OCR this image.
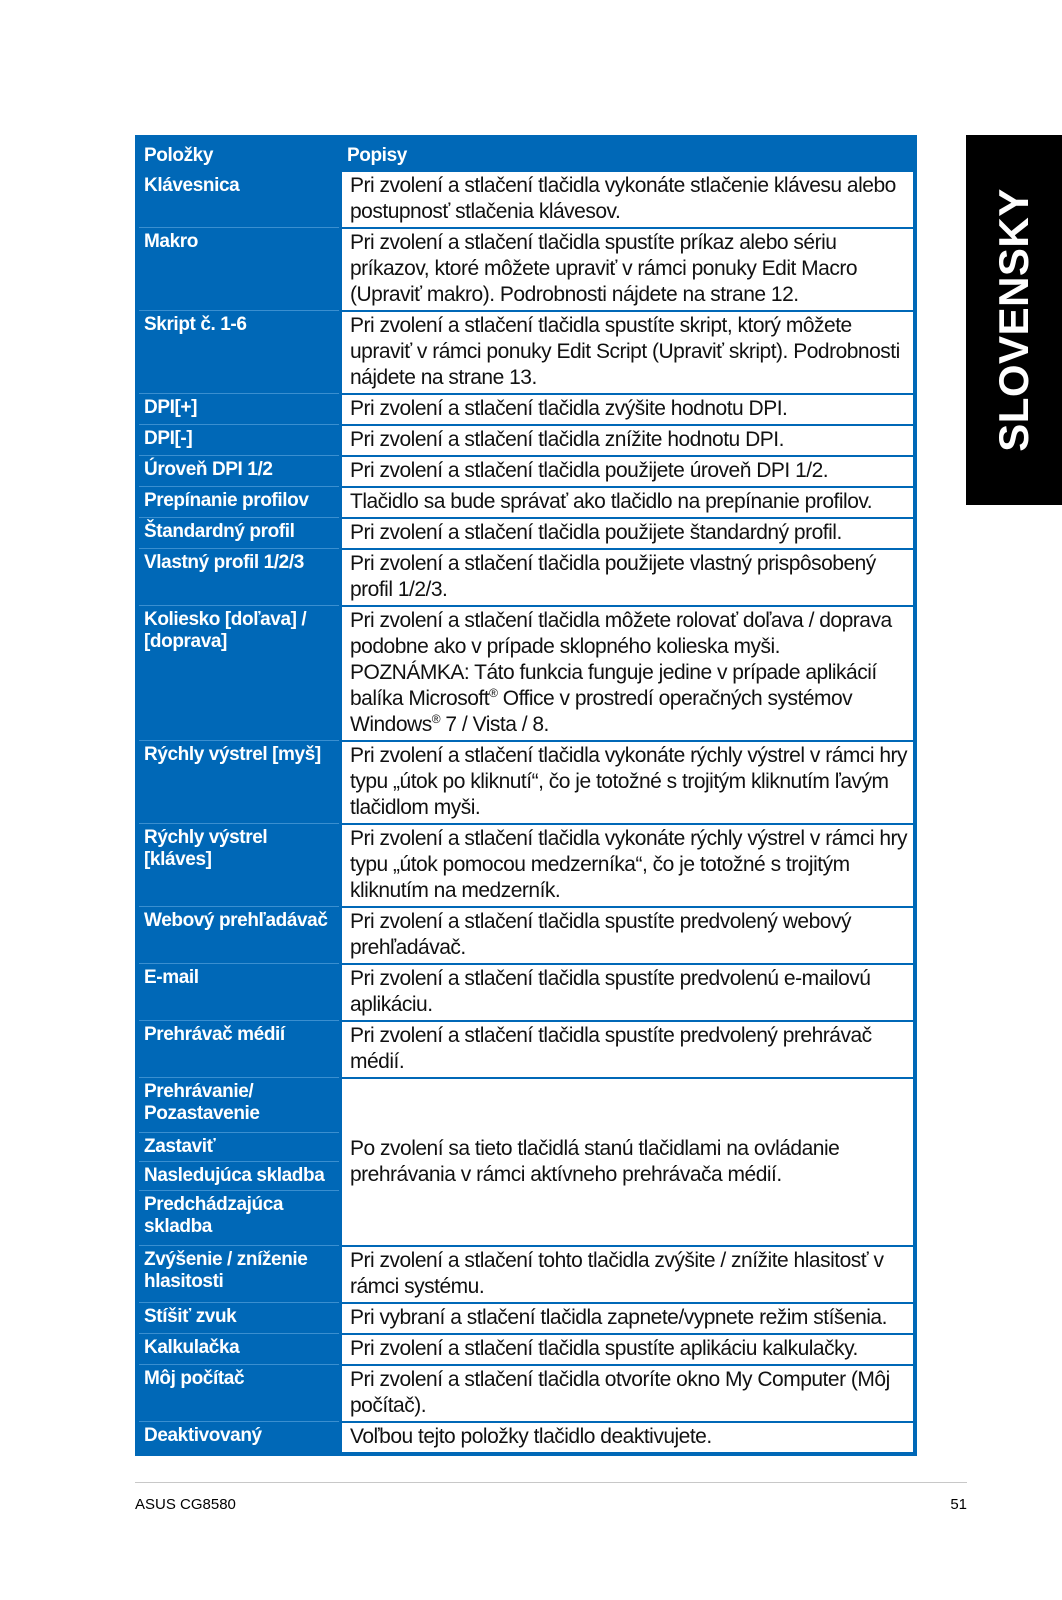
SLOVENSKY
Položky	Popisy
Klávesnica	Pri zvolení a stlačení tlačidla vykonáte stlačenie klávesu alebo postupnosť stlačenia klávesov.
Makro	Pri zvolení a stlačení tlačidla spustíte príkaz alebo sériu príkazov, ktoré môžete upraviť v rámci ponuky Edit Macro (Upraviť makro). Podrobnosti nájdete na strane 12.
Skript č. 1-6	Pri zvolení a stlačení tlačidla spustíte skript, ktorý môžete upraviť v rámci ponuky Edit Script (Upraviť skript). Podrobnosti nájdete na strane 13.
DPI[+]	Pri zvolení a stlačení tlačidla zvýšite hodnotu DPI.
DPI[-]	Pri zvolení a stlačení tlačidla znížite hodnotu DPI.
Úroveň DPI 1/2	Pri zvolení a stlačení tlačidla použijete úroveň DPI 1/2.
Prepínanie profilov	Tlačidlo sa bude správať ako tlačidlo na prepínanie profilov.
Štandardný profil	Pri zvolení a stlačení tlačidla použijete štandardný profil.
Vlastný profil 1/2/3	Pri zvolení a stlačení tlačidla použijete vlastný prispôsobený profil 1/2/3.
Koliesko [doľava] / [doprava]	Pri zvolení a stlačení tlačidla môžete rolovať doľava / doprava podobne ako v prípade sklopného kolieska myši.
POZNÁMKA: Táto funkcia funguje jedine v prípade aplikácií balíka Microsoft® Office v prostredí operačných systémov Windows® 7 / Vista / 8.
Rýchly výstrel [myš]	Pri zvolení a stlačení tlačidla vykonáte rýchly výstrel v rámci hry typu „útok po kliknutí“, čo je totožné s trojitým kliknutím ľavým tlačidlom myši.
Rýchly výstrel [kláves]	Pri zvolení a stlačení tlačidla vykonáte rýchly výstrel v rámci hry typu „útok pomocou medzerníka“, čo je totožné s trojitým kliknutím na medzerník.
Webový prehľadávač	Pri zvolení a stlačení tlačidla spustíte predvolený webový prehľadávač.
E-mail	Pri zvolení a stlačení tlačidla spustíte predvolenú e-mailovú aplikáciu.
Prehrávač médií	Pri zvolení a stlačení tlačidla spustíte predvolený prehrávač médií.
Prehrávanie/ Pozastavenie	Po zvolení sa tieto tlačidlá stanú tlačidlami na ovládanie prehrávania v rámci aktívneho prehrávača médií.
Zastaviť	
Nasledujúca skladba	
Predchádzajúca skladba	
Zvýšenie / zníženie hlasitosti	Pri zvolení a stlačení tohto tlačidla zvýšite / znížite hlasitosť v rámci systému.
Stíšiť zvuk	Pri vybraní a stlačení tlačidla zapnete/vypnete režim stíšenia.
Kalkulačka	Pri zvolení a stlačení tlačidla spustíte aplikáciu kalkulačky.
Môj počítač	Pri zvolení a stlačení tlačidla otvoríte okno My Computer (Môj počítač).
Deaktivovaný	Voľbou tejto položky tlačidlo deaktivujete.
ASUS CG8580	51
